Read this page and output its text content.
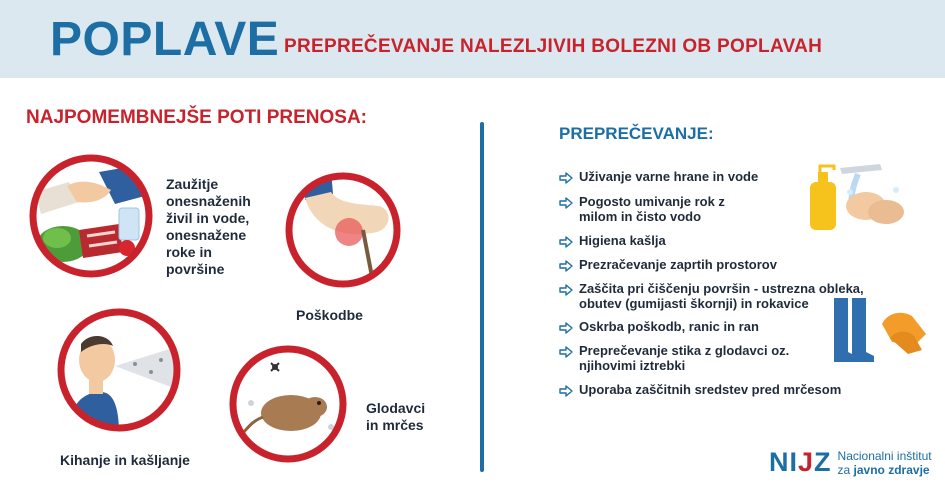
POPLAVE PREPREČEVANJE NALEZLJIVIH BOLEZNI OB POPLAVAH
NAJPOMEMBNEJŠE POTI PRENOSA:
Zaužitje
onesnaženih
živil in vode,
onesnažene
roke in
površine
Poškodbe
Kihanje in kašljanje
Glodavci
in mrčes
PREPREČEVANJE:
Uživanje varne hrane in vode
Pogosto umivanje rok z
milom in čisto vodo
Higiena kašlja
Prezračevanje zaprtih prostorov
Zaščita pri čiščenju površin - ustrezna obleka,
obutev (gumijasti škornji) in rokavice
Oskrba poškodb, ranic in ran
Preprečevanje stika z glodavci oz.
njihovimi iztrebki
Uporaba zaščitnih sredstev pred mrčesom
NIJZ Nacionalni inštitut
za javno zdravje
